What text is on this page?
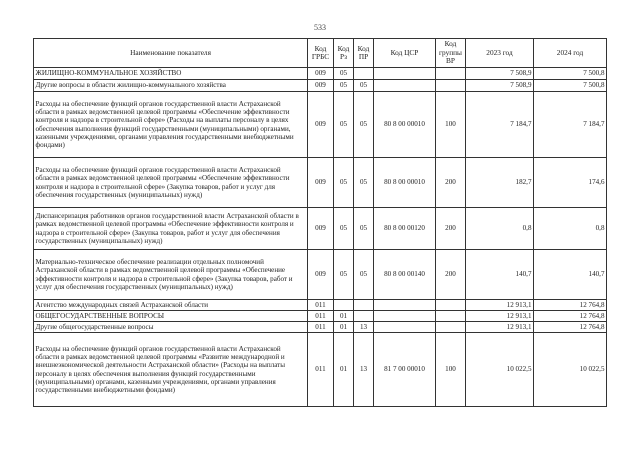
533
Наименование показателя	Код ГРБС	Код Рз	Код ПР	Код ЦСР	Код группы ВР	2023 год	2024 год
ЖИЛИЩНО-КОММУНАЛЬНОЕ ХОЗЯЙСТВО	009	05				7 508,9	7 500,8
Другие вопросы в области жилищно-коммунального хозяйства	009	05	05			7 508,9	7 500,8
Расходы на обеспечение функций органов государственной власти Астраханской области в рамках ведомственной целевой программы «Обеспечение эффективности контроля и надзора в строительной сфере» (Расходы на выплаты персоналу в целях обеспечения выполнения функций государственными (муниципальными) органами, казенными учреждениями, органами управления государственными внебюджетными фондами)	009	05	05	80 8 00 00010	100	7 184,7	7 184,7
Расходы на обеспечение функций органов государственной власти Астраханской области в рамках ведомственной целевой программы «Обеспечение эффективности контроля и надзора в строительной сфере» (Закупка товаров, работ и услуг для обеспечения государственных (муниципальных) нужд)	009	05	05	80 8 00 00010	200	182,7	174,6
Диспансеризация работников органов государственной власти Астраханской области в рамках ведомственной целевой программы «Обеспечение эффективности контроля и надзора в строительной сфере» (Закупка товаров, работ и услуг для обеспечения государственных (муниципальных) нужд)	009	05	05	80 8 00 00120	200	0,8	0,8
Материально-техническое обеспечение реализации отдельных полномочий Астраханской области в рамках ведомственной целевой программы «Обеспечение эффективности контроля и надзора в строительной сфере» (Закупка товаров, работ и услуг для обеспечения государственных (муниципальных) нужд)	009	05	05	80 8 00 00140	200	140,7	140,7
Агентство международных связей Астраханской области	011					12 913,1	12 764,8
ОБЩЕГОСУДАРСТВЕННЫЕ ВОПРОСЫ	011	01				12 913,1	12 764,8
Другие общегосударственные вопросы	011	01	13			12 913,1	12 764,8
Расходы на обеспечение функций органов государственной власти Астраханской области в рамках ведомственной целевой программы «Развитие международной и внешнеэкономической деятельности Астраханской области» (Расходы на выплаты персоналу в целях обеспечения выполнения функций государственными (муниципальными) органами, казенными учреждениями, органами управления государственными внебюджетными фондами)	011	01	13	81 7 00 00010	100	10 022,5	10 022,5
